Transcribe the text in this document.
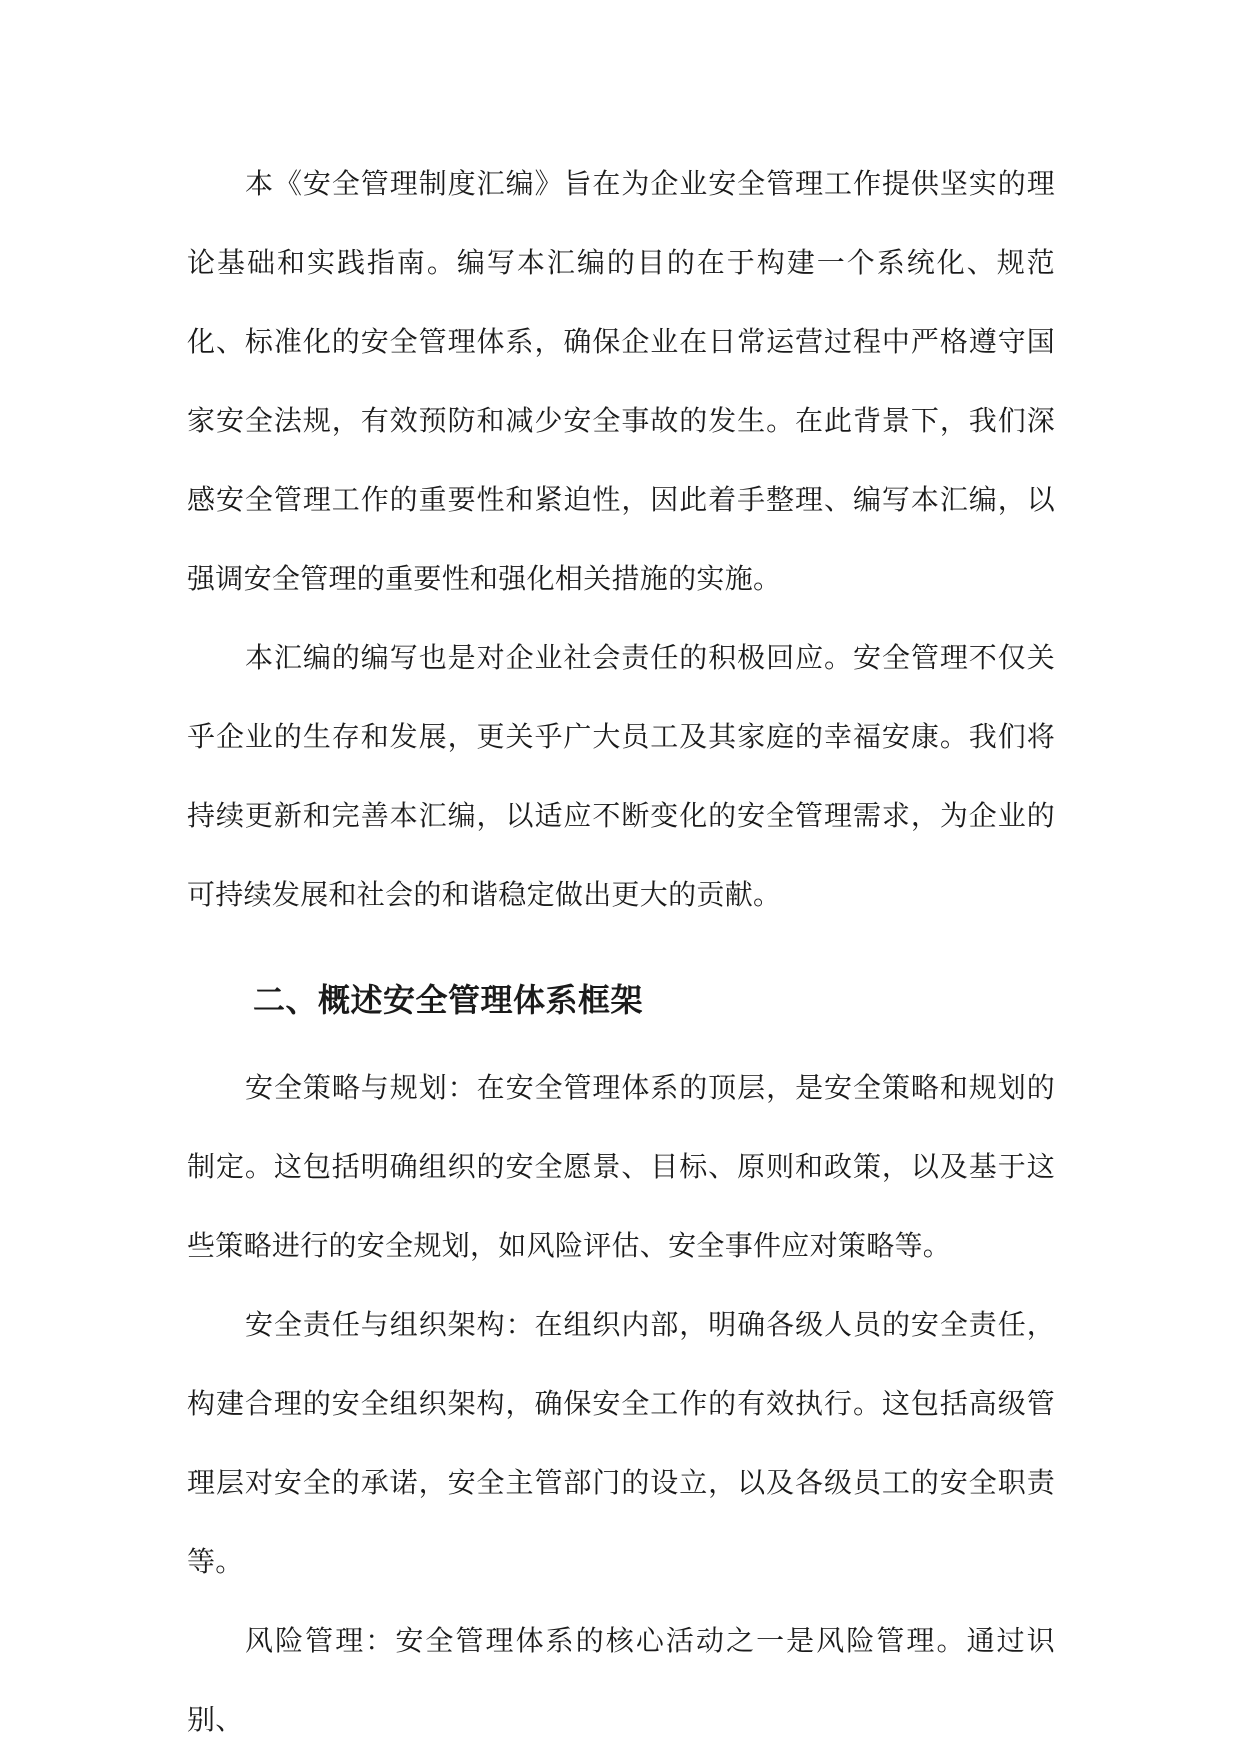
本《安全管理制度汇编》旨在为企业安全管理工作提供坚实的理论基础和实践指南。编写本汇编的目的在于构建一个系统化、规范化、标准化的安全管理体系，确保企业在日常运营过程中严格遵守国家安全法规，有效预防和减少安全事故的发生。在此背景下，我们深感安全管理工作的重要性和紧迫性，因此着手整理、编写本汇编，以强调安全管理的重要性和强化相关措施的实施。

本汇编的编写也是对企业社会责任的积极回应。安全管理不仅关乎企业的生存和发展，更关乎广大员工及其家庭的幸福安康。我们将持续更新和完善本汇编，以适应不断变化的安全管理需求，为企业的可持续发展和社会的和谐稳定做出更大的贡献。

二、概述安全管理体系框架

安全策略与规划：在安全管理体系的顶层，是安全策略和规划的制定。这包括明确组织的安全愿景、目标、原则和政策，以及基于这些策略进行的安全规划，如风险评估、安全事件应对策略等。

安全责任与组织架构：在组织内部，明确各级人员的安全责任，构建合理的安全组织架构，确保安全工作的有效执行。这包括高级管理层对安全的承诺，安全主管部门的设立，以及各级员工的安全职责等。

风险管理：安全管理体系的核心活动之一是风险管理。通过识别、
